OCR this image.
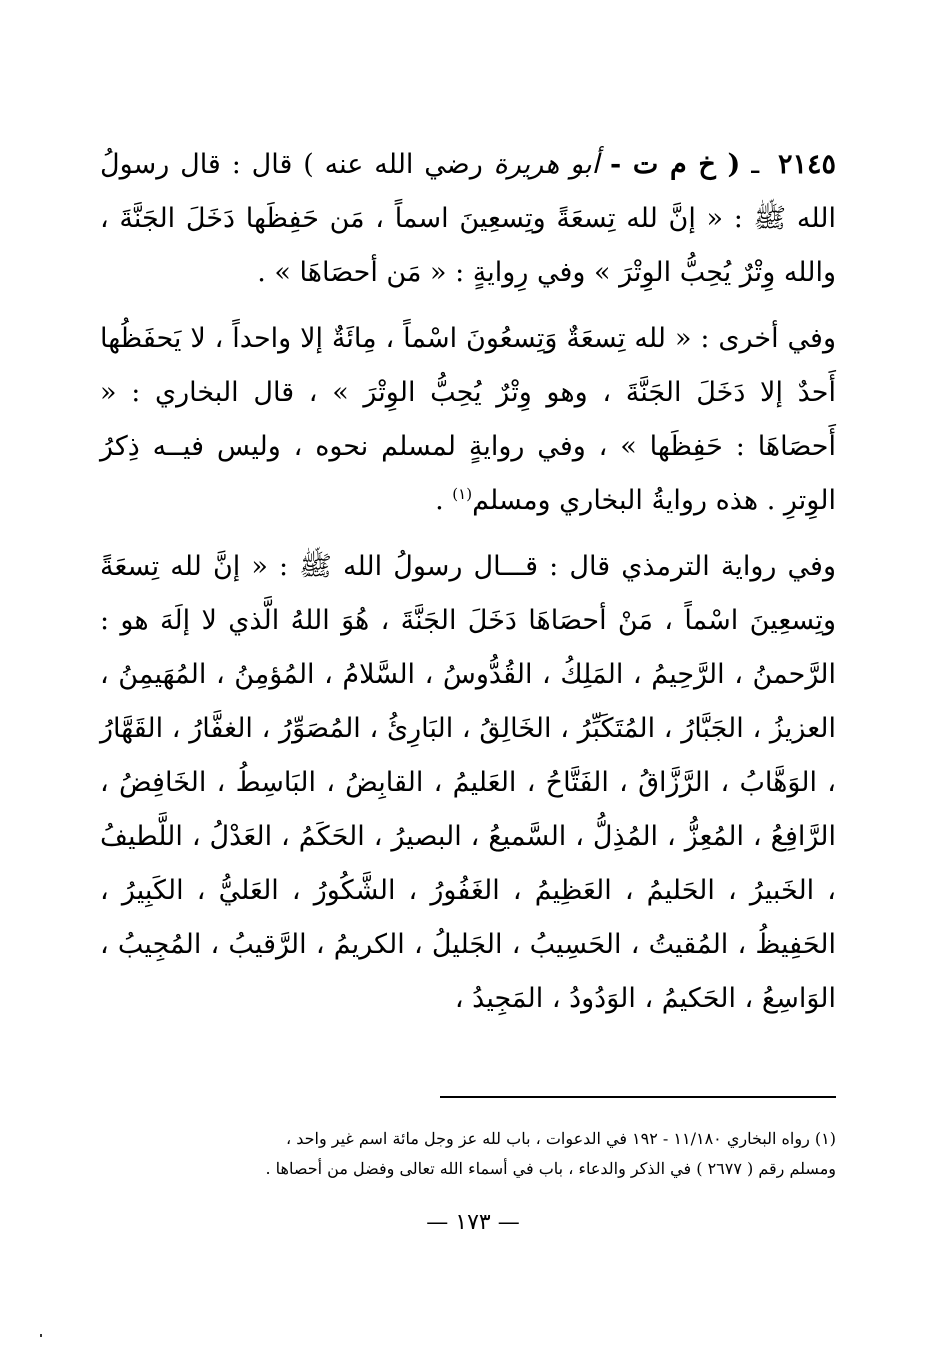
٢١٤٥ ـ ( خ م ت - أبو هريرة رضي الله عنه ) قال : قال رسولُ الله ﷺ : « إنَّ لله تِسعَةً وتِسعِينَ اسماً ، مَن حَفِظَها دَخَلَ الجَنَّةَ ، والله وِتْرٌ يُحِبُّ الوِتْرَ » وفي رِوايةٍ : « مَن أحصَاهَا » .

وفي أخرى : « لله تِسعَةٌ وَتِسعُونَ اسْماً ، مِائَةٌ إلا واحداً ، لا يَحفَظُها أَحدٌ إلا دَخَلَ الجَنَّةَ ، وهو وِتْرٌ يُحِبُّ الوِتْرَ » ، قال البخاري : « أَحصَاهَا : حَفِظَها » ، وفي روايةٍ لمسلم نحوه ، وليس فيــه ذِكرُ الوِترِ . هذه روايةُ البخاري ومسلم$^{(١)}$ .

وفي رواية الترمذي قال : قـــال رسولُ الله ﷺ : « إنَّ لله تِسعَةً وتِسعِينَ اسْماً ، مَنْ أحصَاهَا دَخَلَ الجَنَّةَ ، هُوَ اللهُ الَّذي لا إلَهَ هو : الرَّحمنُ ، الرَّحِيمُ ، المَلِكُ ، القُدُّوسُ ، السَّلامُ ، المُؤمِنُ ، المُهَيمِنُ ، العزيزُ ، الجَبَّارُ ، المُتَكَبِّرُ ، الخَالِقُ ، البَارِئُ ، المُصَوِّرُ ، الغفَّارُ ، القَهَّارُ ، الوَهَّابُ ، الرَّزَّاقُ ، الفَتَّاحُ ، العَليمُ ، القابِضُ ، البَاسِطُ ، الخَافِضُ ، الرَّافِعُ ، المُعِزُّ ، المُذِلُّ ، السَّميعُ ، البصيرُ ، الحَكَمُ ، العَدْلُ ، اللَّطيفُ ، الخَبيرُ ، الحَليمُ ، العَظِيمُ ، الغَفُورُ ، الشَّكُورُ ، العَليُّ ، الكَبِيرُ ، الحَفِيظُ ، المُقيتُ ، الحَسِيبُ ، الجَليلُ ، الكريمُ ، الرَّقيبُ ، المُجِيبُ ، الوَاسِعُ ، الحَكيمُ ، الوَدُودُ ، المَجِيدُ ،

(١) رواه البخاري ١١/١٨٠ - ١٩٢ في الدعوات ، باب لله عز وجل مائة اسم غير واحد ،

ومسلم رقم ( ٢٦٧٧ ) في الذكر والدعاء ، باب في أسماء الله تعالى وفضل من أحصاها .

— ١٧٣ —
